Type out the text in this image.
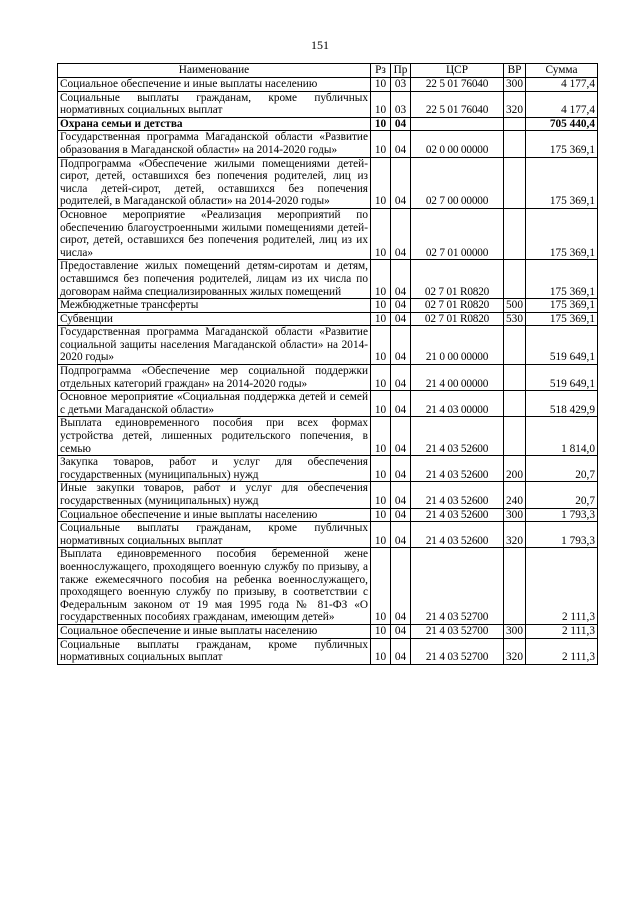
151
Наименование	Рз	Пр	ЦСР	ВР	Сумма
Социальное обеспечение и иные выплаты населению	10	03	22 5 01 76040	300	4 177,4
Социальные выплаты гражданам, кроме публичных нормативных социальных выплат	10	03	22 5 01 76040	320	4 177,4
Охрана семьи и детства	10	04			705 440,4
Государственная программа Магаданской области «Развитие образования в Магаданской области» на 2014-2020 годы»	10	04	02 0 00 00000		175 369,1
Подпрограмма «Обеспечение жилыми помещениями детей-сирот, детей, оставшихся без попечения родителей, лиц из числа детей-сирот, детей, оставшихся без попечения родителей, в Магаданской области» на 2014-2020 годы»	10	04	02 7 00 00000		175 369,1
Основное мероприятие «Реализация мероприятий по обеспечению благоустроенными жилыми помещениями детей-сирот, детей, оставшихся без попечения родителей, лиц из их числа»	10	04	02 7 01 00000		175 369,1
Предоставление жилых помещений детям-сиротам и детям, оставшимся без попечения родителей, лицам из их числа по договорам найма специализированных жилых помещений	10	04	02 7 01 R0820		175 369,1
Межбюджетные трансферты	10	04	02 7 01 R0820	500	175 369,1
Субвенции	10	04	02 7 01 R0820	530	175 369,1
Государственная программа Магаданской области «Развитие социальной защиты населения Магаданской области» на 2014-2020 годы»	10	04	21 0 00 00000		519 649,1
Подпрограмма «Обеспечение мер социальной поддержки отдельных категорий граждан» на 2014-2020 годы»	10	04	21 4 00 00000		519 649,1
Основное мероприятие «Социальная поддержка детей и семей с детьми Магаданской области»	10	04	21 4 03 00000		518 429,9
Выплата единовременного пособия при всех формах устройства детей, лишенных родительского попечения, в семью	10	04	21 4 03 52600		1 814,0
Закупка товаров, работ и услуг для обеспечения государственных (муниципальных) нужд	10	04	21 4 03 52600	200	20,7
Иные закупки товаров, работ и услуг для обеспечения государственных (муниципальных) нужд	10	04	21 4 03 52600	240	20,7
Социальное обеспечение и иные выплаты населению	10	04	21 4 03 52600	300	1 793,3
Социальные выплаты гражданам, кроме публичных нормативных социальных выплат	10	04	21 4 03 52600	320	1 793,3
Выплата единовременного пособия беременной жене военнослужащего, проходящего военную службу по призыву, а также ежемесячного пособия на ребенка военнослужащего, проходящего военную службу по призыву, в соответствии с Федеральным законом от 19 мая 1995 года № 81-ФЗ «О государственных пособиях гражданам, имеющим детей»	10	04	21 4 03 52700		2 111,3
Социальное обеспечение и иные выплаты населению	10	04	21 4 03 52700	300	2 111,3
Социальные выплаты гражданам, кроме публичных нормативных социальных выплат	10	04	21 4 03 52700	320	2 111,3
